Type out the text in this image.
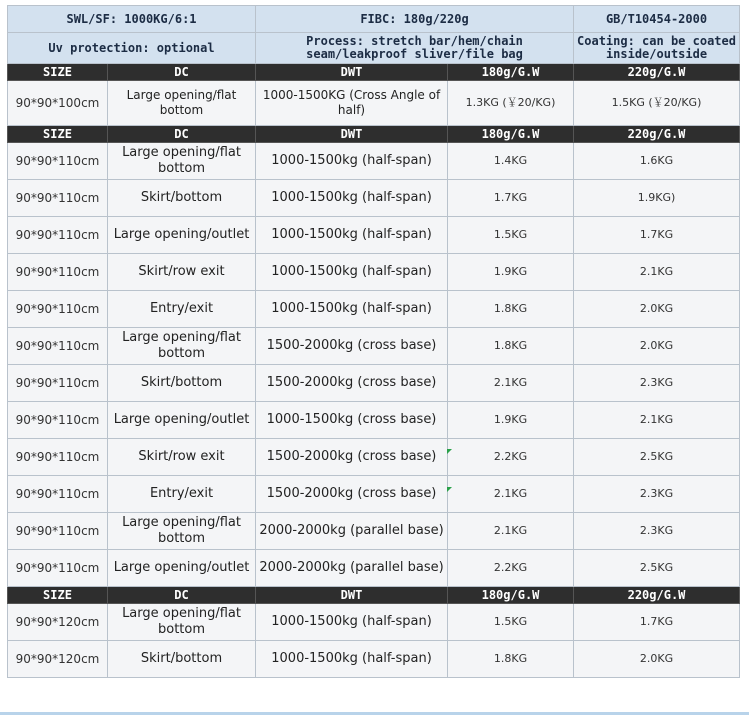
SWL/SF: 1000KG/6:1		FIBC: 180g/220g		GB/T10454-2000
Uv protection: optional		Process: stretch bar/hem/chain seam/leakproof sliver/file bag		Coating: can be coated inside/outside
SIZE	DC	DWT	180g/G.W	220g/G.W
90*90*100cm	Large opening/flat bottom	1000-1500KG (Cross Angle of half)	1.3KG (￥20/KG)	1.5KG (￥20/KG)
SIZE	DC	DWT	180g/G.W	220g/G.W
90*90*110cm	Large opening/flat bottom	1000-1500kg (half-span)	1.4KG	1.6KG
90*90*110cm	Skirt/bottom	1000-1500kg (half-span)	1.7KG	1.9KG)
90*90*110cm	Large opening/outlet	1000-1500kg (half-span)	1.5KG	1.7KG
90*90*110cm	Skirt/row exit	1000-1500kg (half-span)	1.9KG	2.1KG
90*90*110cm	Entry/exit	1000-1500kg (half-span)	1.8KG	2.0KG
90*90*110cm	Large opening/flat bottom	1500-2000kg (cross base)	1.8KG	2.0KG
90*90*110cm	Skirt/bottom	1500-2000kg (cross base)	2.1KG	2.3KG
90*90*110cm	Large opening/outlet	1000-1500kg (cross base)	1.9KG	2.1KG
90*90*110cm	Skirt/row exit	1500-2000kg (cross base)	2.2KG	2.5KG
90*90*110cm	Entry/exit	1500-2000kg (cross base)	2.1KG	2.3KG
90*90*110cm	Large opening/flat bottom	2000-2000kg (parallel base)	2.1KG	2.3KG
90*90*110cm	Large opening/outlet	2000-2000kg (parallel base)	2.2KG	2.5KG
SIZE	DC	DWT	180g/G.W	220g/G.W
90*90*120cm	Large opening/flat bottom	1000-1500kg (half-span)	1.5KG	1.7KG
90*90*120cm	Skirt/bottom	1000-1500kg (half-span)	1.8KG	2.0KG
